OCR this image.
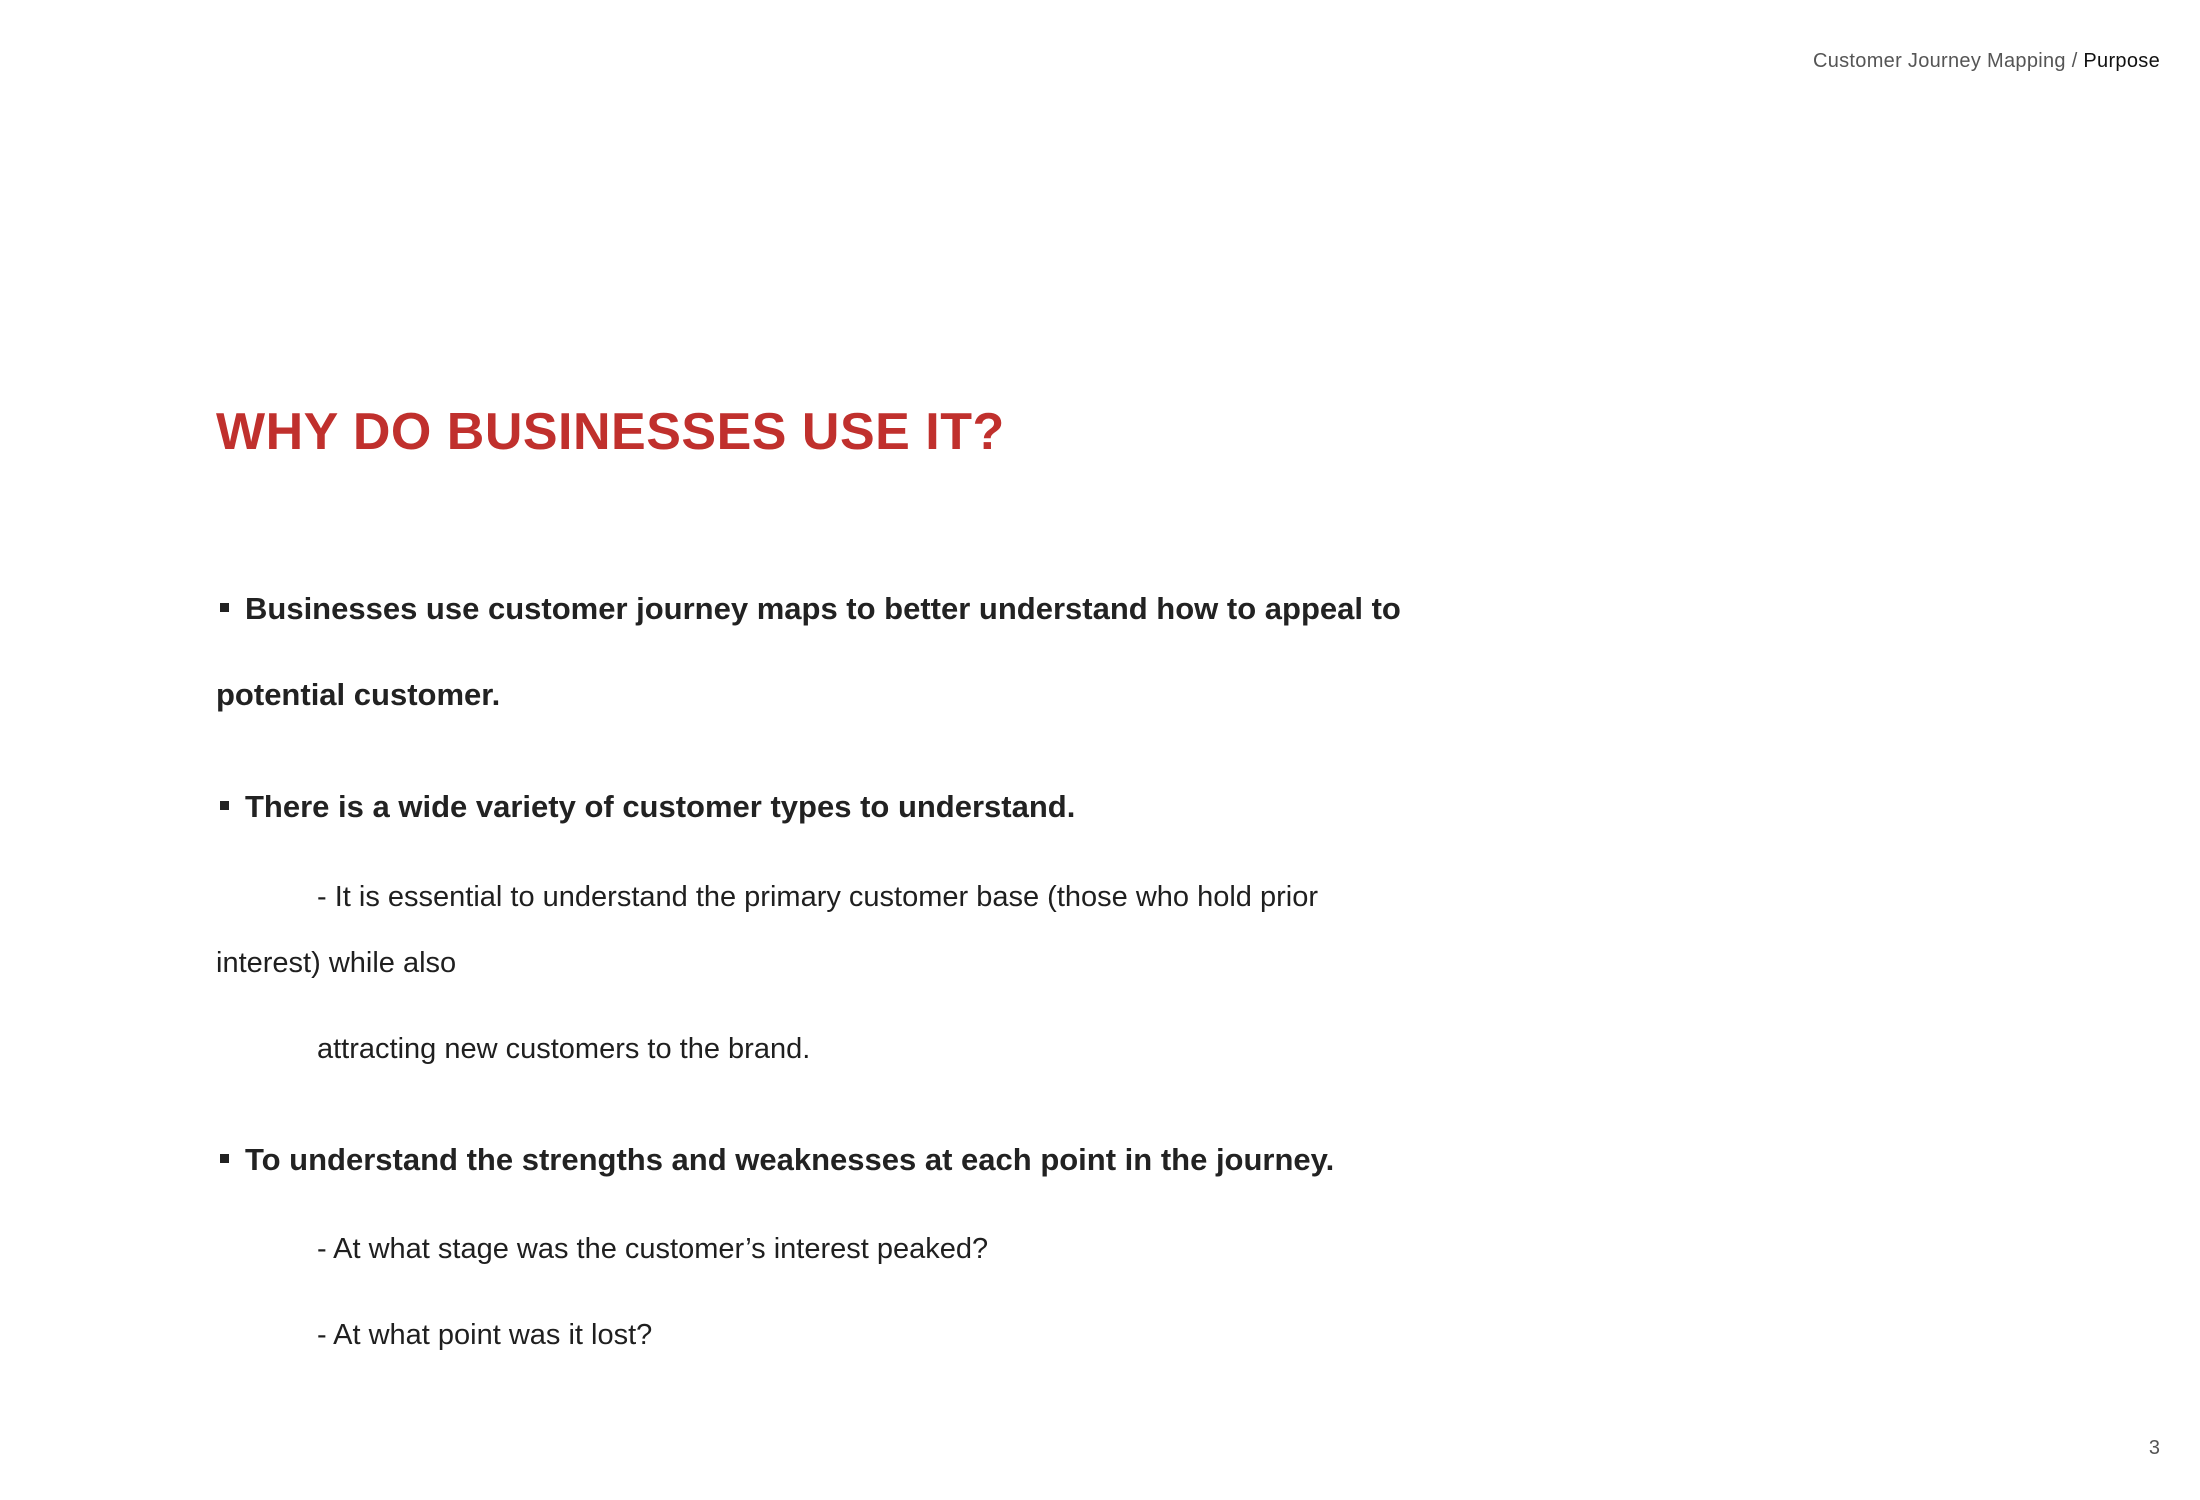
Customer Journey Mapping / Purpose
WHY DO BUSINESSES USE IT?
Businesses use customer journey maps to better understand how to appeal to
potential customer.
There is a wide variety of customer types to understand.
- It is essential to understand the primary customer base (those who hold prior
interest) while also
attracting new customers to the brand.
To understand the strengths and weaknesses at each point in the journey.
- At what stage was the customer’s interest peaked?
- At what point was it lost?
3
